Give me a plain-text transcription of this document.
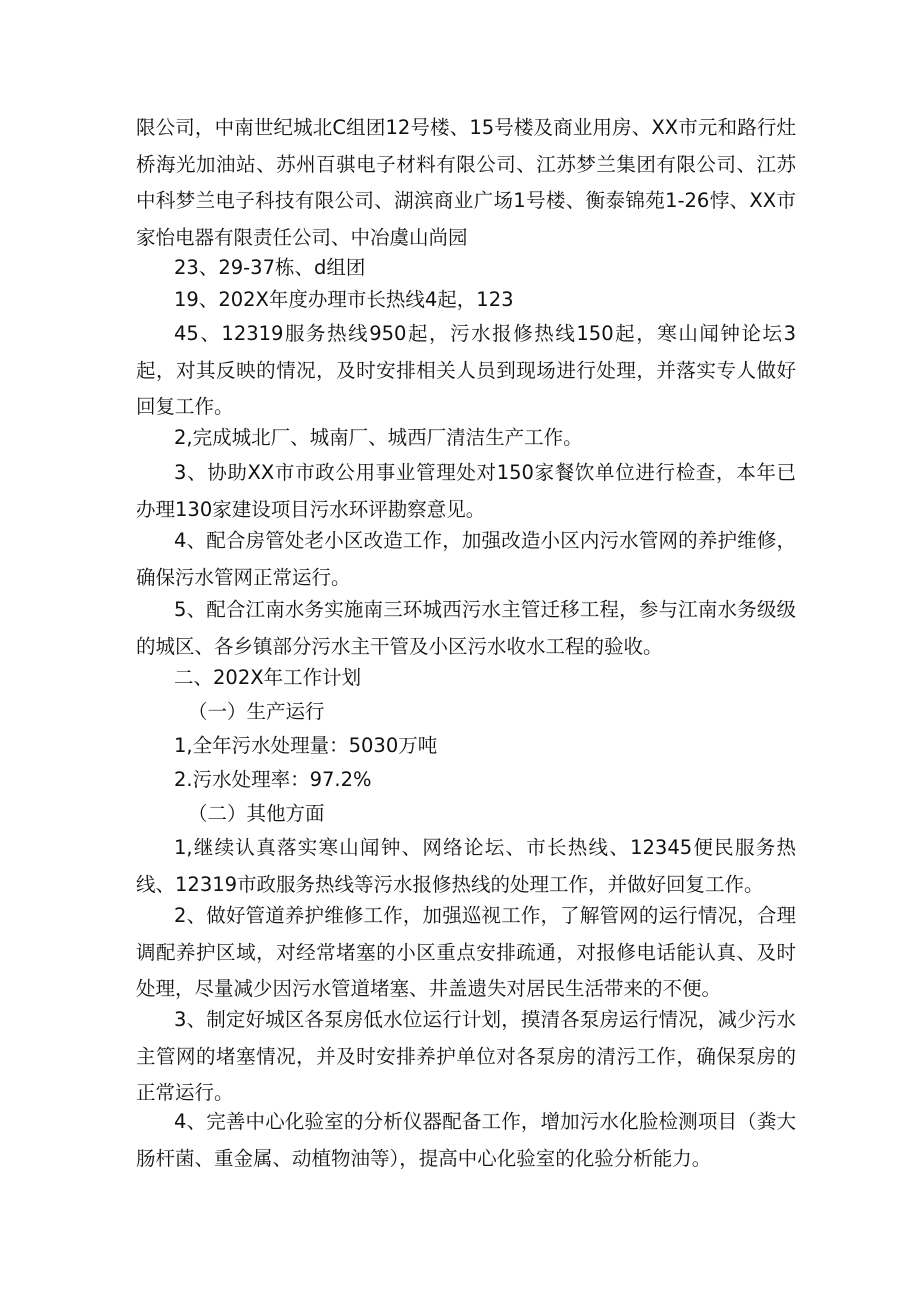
限公司，中南世纪城北C组团12号楼、15号楼及商业用房、XX市元和路行灶桥海光加油站、苏州百骐电子材料有限公司、江苏梦兰集团有限公司、江苏中科梦兰电子科技有限公司、湖滨商业广场1号楼、衡泰锦苑1-26悖、XX市家怡电器有限责任公司、中冶虞山尚园

23、29-37栋、d组团

19、202X年度办理市长热线4起，123

45、12319服务热线950起，污水报修热线150起，寒山闻钟论坛3起，对其反映的情况，及时安排相关人员到现场进行处理，并落实专人做好回复工作。

2,完成城北厂、城南厂、城西厂清洁生产工作。

3、协助XX市市政公用事业管理处对150家餐饮单位进行检查，本年已办理130家建设项目污水环评勘察意见。

4、配合房管处老小区改造工作，加强改造小区内污水管网的养护维修，确保污水管网正常运行。

5、配合江南水务实施南三环城西污水主管迁移工程，参与江南水务级级的城区、各乡镇部分污水主干管及小区污水收水工程的验收。

二、202X年工作计划

（一）生产运行

1,全年污水处理量：5030万吨

2.污水处理率：97.2%

（二）其他方面

1,继续认真落实寒山闻钟、网络论坛、市长热线、12345便民服务热线、12319市政服务热线等污水报修热线的处理工作，并做好回复工作。

2、做好管道养护维修工作，加强巡视工作，了解管网的运行情况，合理调配养护区域，对经常堵塞的小区重点安排疏通，对报修电话能认真、及时处理，尽量减少因污水管道堵塞、井盖遗失对居民生活带来的不便。

3、制定好城区各泵房低水位运行计划，摸清各泵房运行情况，减少污水主管网的堵塞情况，并及时安排养护单位对各泵房的清污工作，确保泵房的正常运行。

4、完善中心化验室的分析仪器配备工作，增加污水化脸检测项目（粪大肠杆菌、重金属、动植物油等），提高中心化验室的化验分析能力。
